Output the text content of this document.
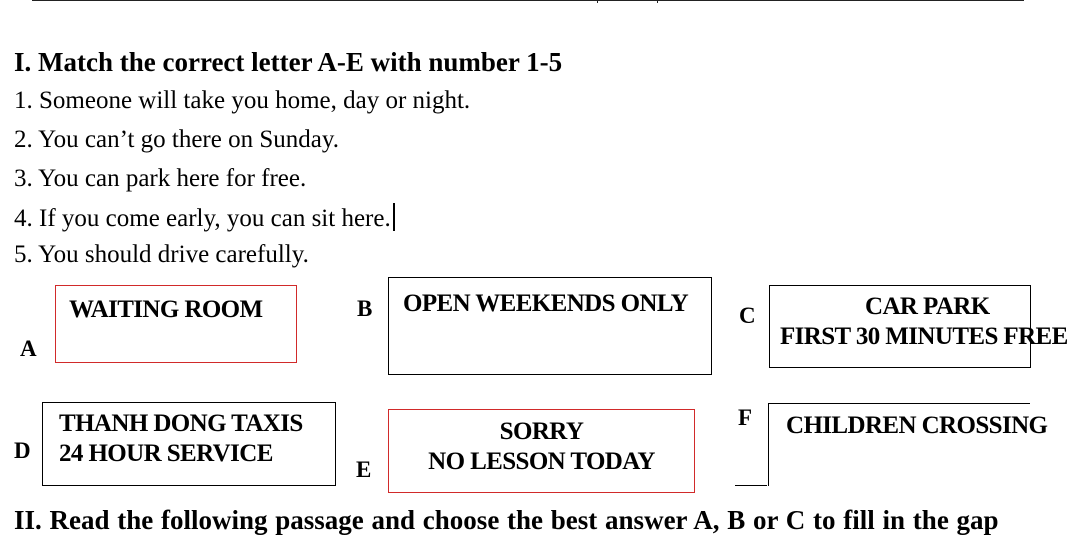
I. Match the correct letter A-E with number 1-5
1. Someone will take you home, day or night.
2. You can’t go there on Sunday.
3. You can park here for free.
4. If you come early, you can sit here.
5. You should drive carefully.
A
WAITING ROOM	B OPEN WEEKENDS ONLY	C	CAR PARK
FIRST 30 MINUTES FREE
D
THANH DONG TAXIS
24 HOUR SERVICE
E
SORRY
NO LESSON TODAY
F CHILDREN CROSSING
II. Read the following passage and choose the best answer A, B or C to fill in the gap
